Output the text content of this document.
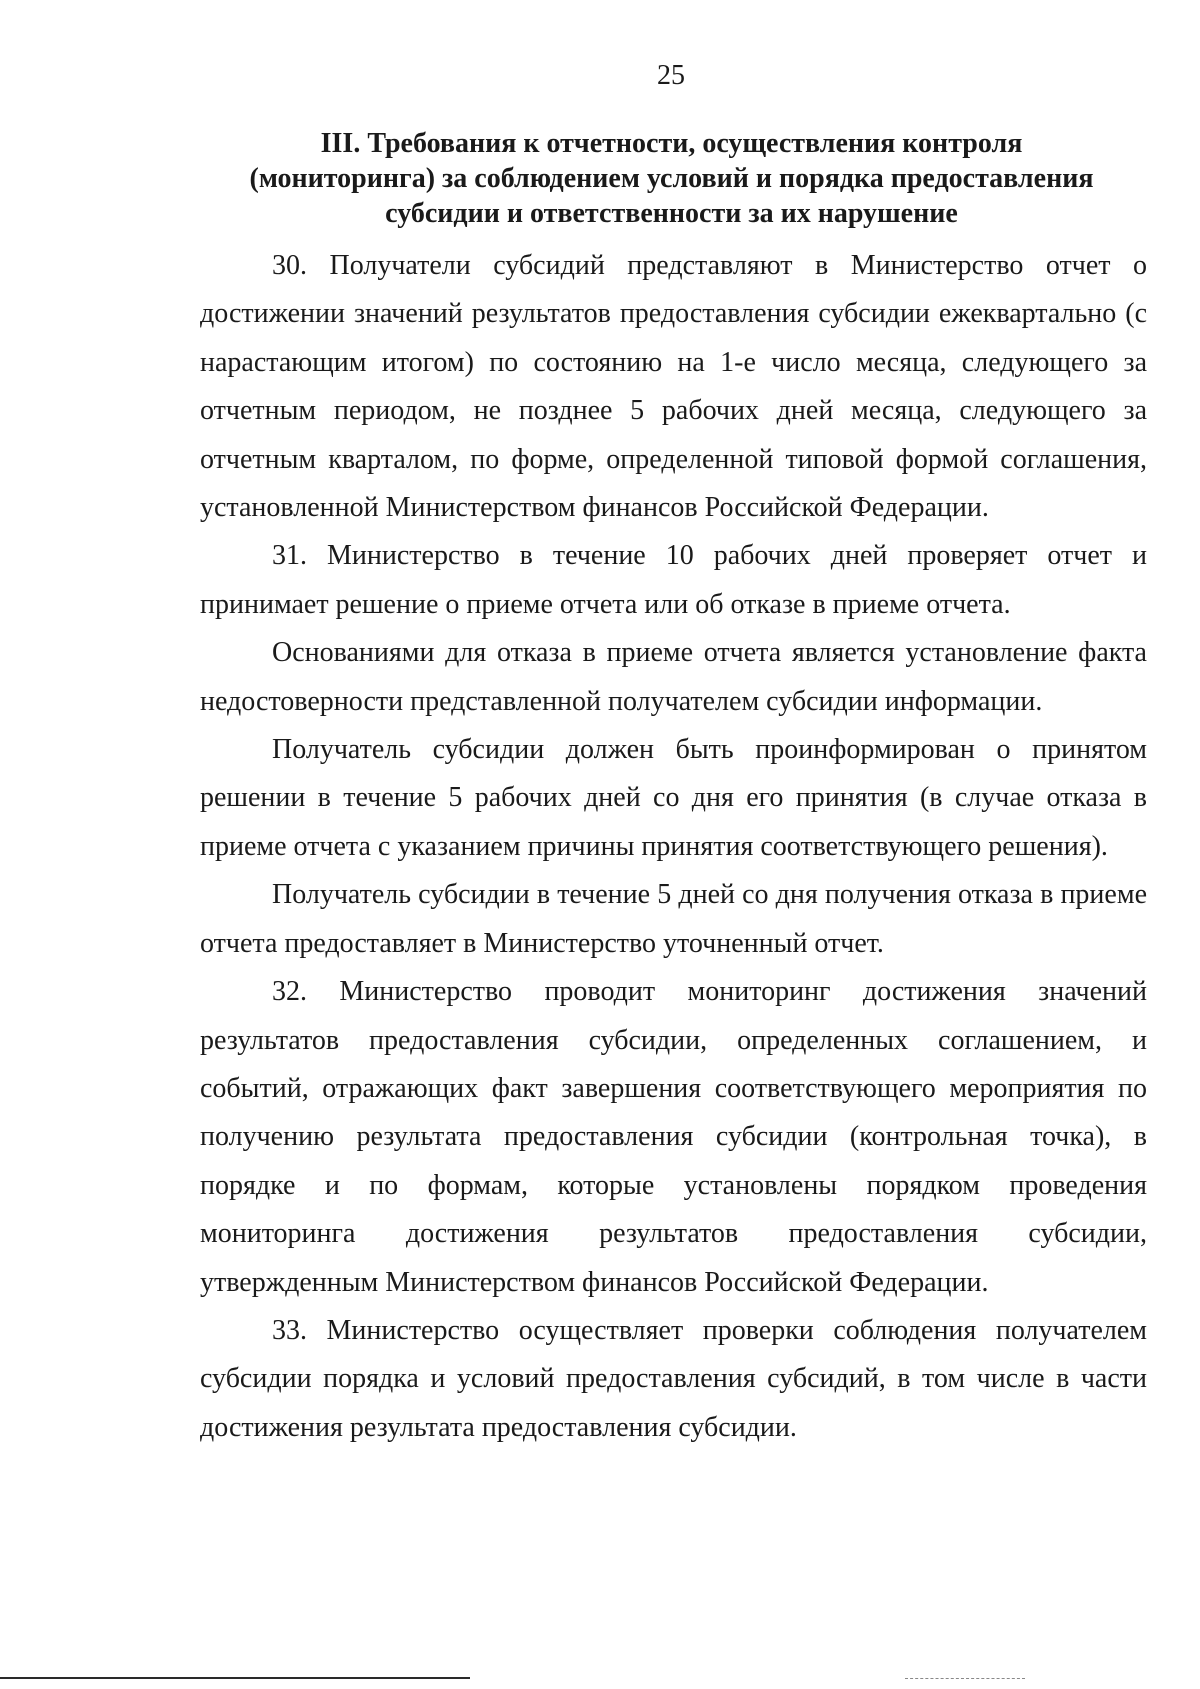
25
III. Требования к отчетности, осуществления контроля
(мониторинга) за соблюдением условий и порядка предоставления
субсидии и ответственности за их нарушение

30. Получатели субсидий представляют в Министерство отчет о достижении значений результатов предоставления субсидии ежеквартально (с нарастающим итогом) по состоянию на 1-е число месяца, следующего за отчетным периодом, не позднее 5 рабочих дней месяца, следующего за отчетным кварталом, по форме, определенной типовой формой соглашения, установленной Министерством финансов Российской Федерации.

31. Министерство в течение 10 рабочих дней проверяет отчет и принимает решение о приеме отчета или об отказе в приеме отчета.

Основаниями для отказа в приеме отчета является установление факта недостоверности представленной получателем субсидии информации.

Получатель субсидии должен быть проинформирован о принятом решении в течение 5 рабочих дней со дня его принятия (в случае отказа в приеме отчета с указанием причины принятия соответствующего решения).

Получатель субсидии в течение 5 дней со дня получения отказа в приеме отчета предоставляет в Министерство уточненный отчет.

32. Министерство проводит мониторинг достижения значений результатов предоставления субсидии, определенных соглашением, и событий, отражающих факт завершения соответствующего мероприятия по получению результата предоставления субсидии (контрольная точка), в порядке и по формам, которые установлены порядком проведения мониторинга достижения результатов предоставления субсидии, утвержденным Министерством финансов Российской Федерации.

33. Министерство осуществляет проверки соблюдения получателем субсидии порядка и условий предоставления субсидий, в том числе в части достижения результата предоставления субсидии.
